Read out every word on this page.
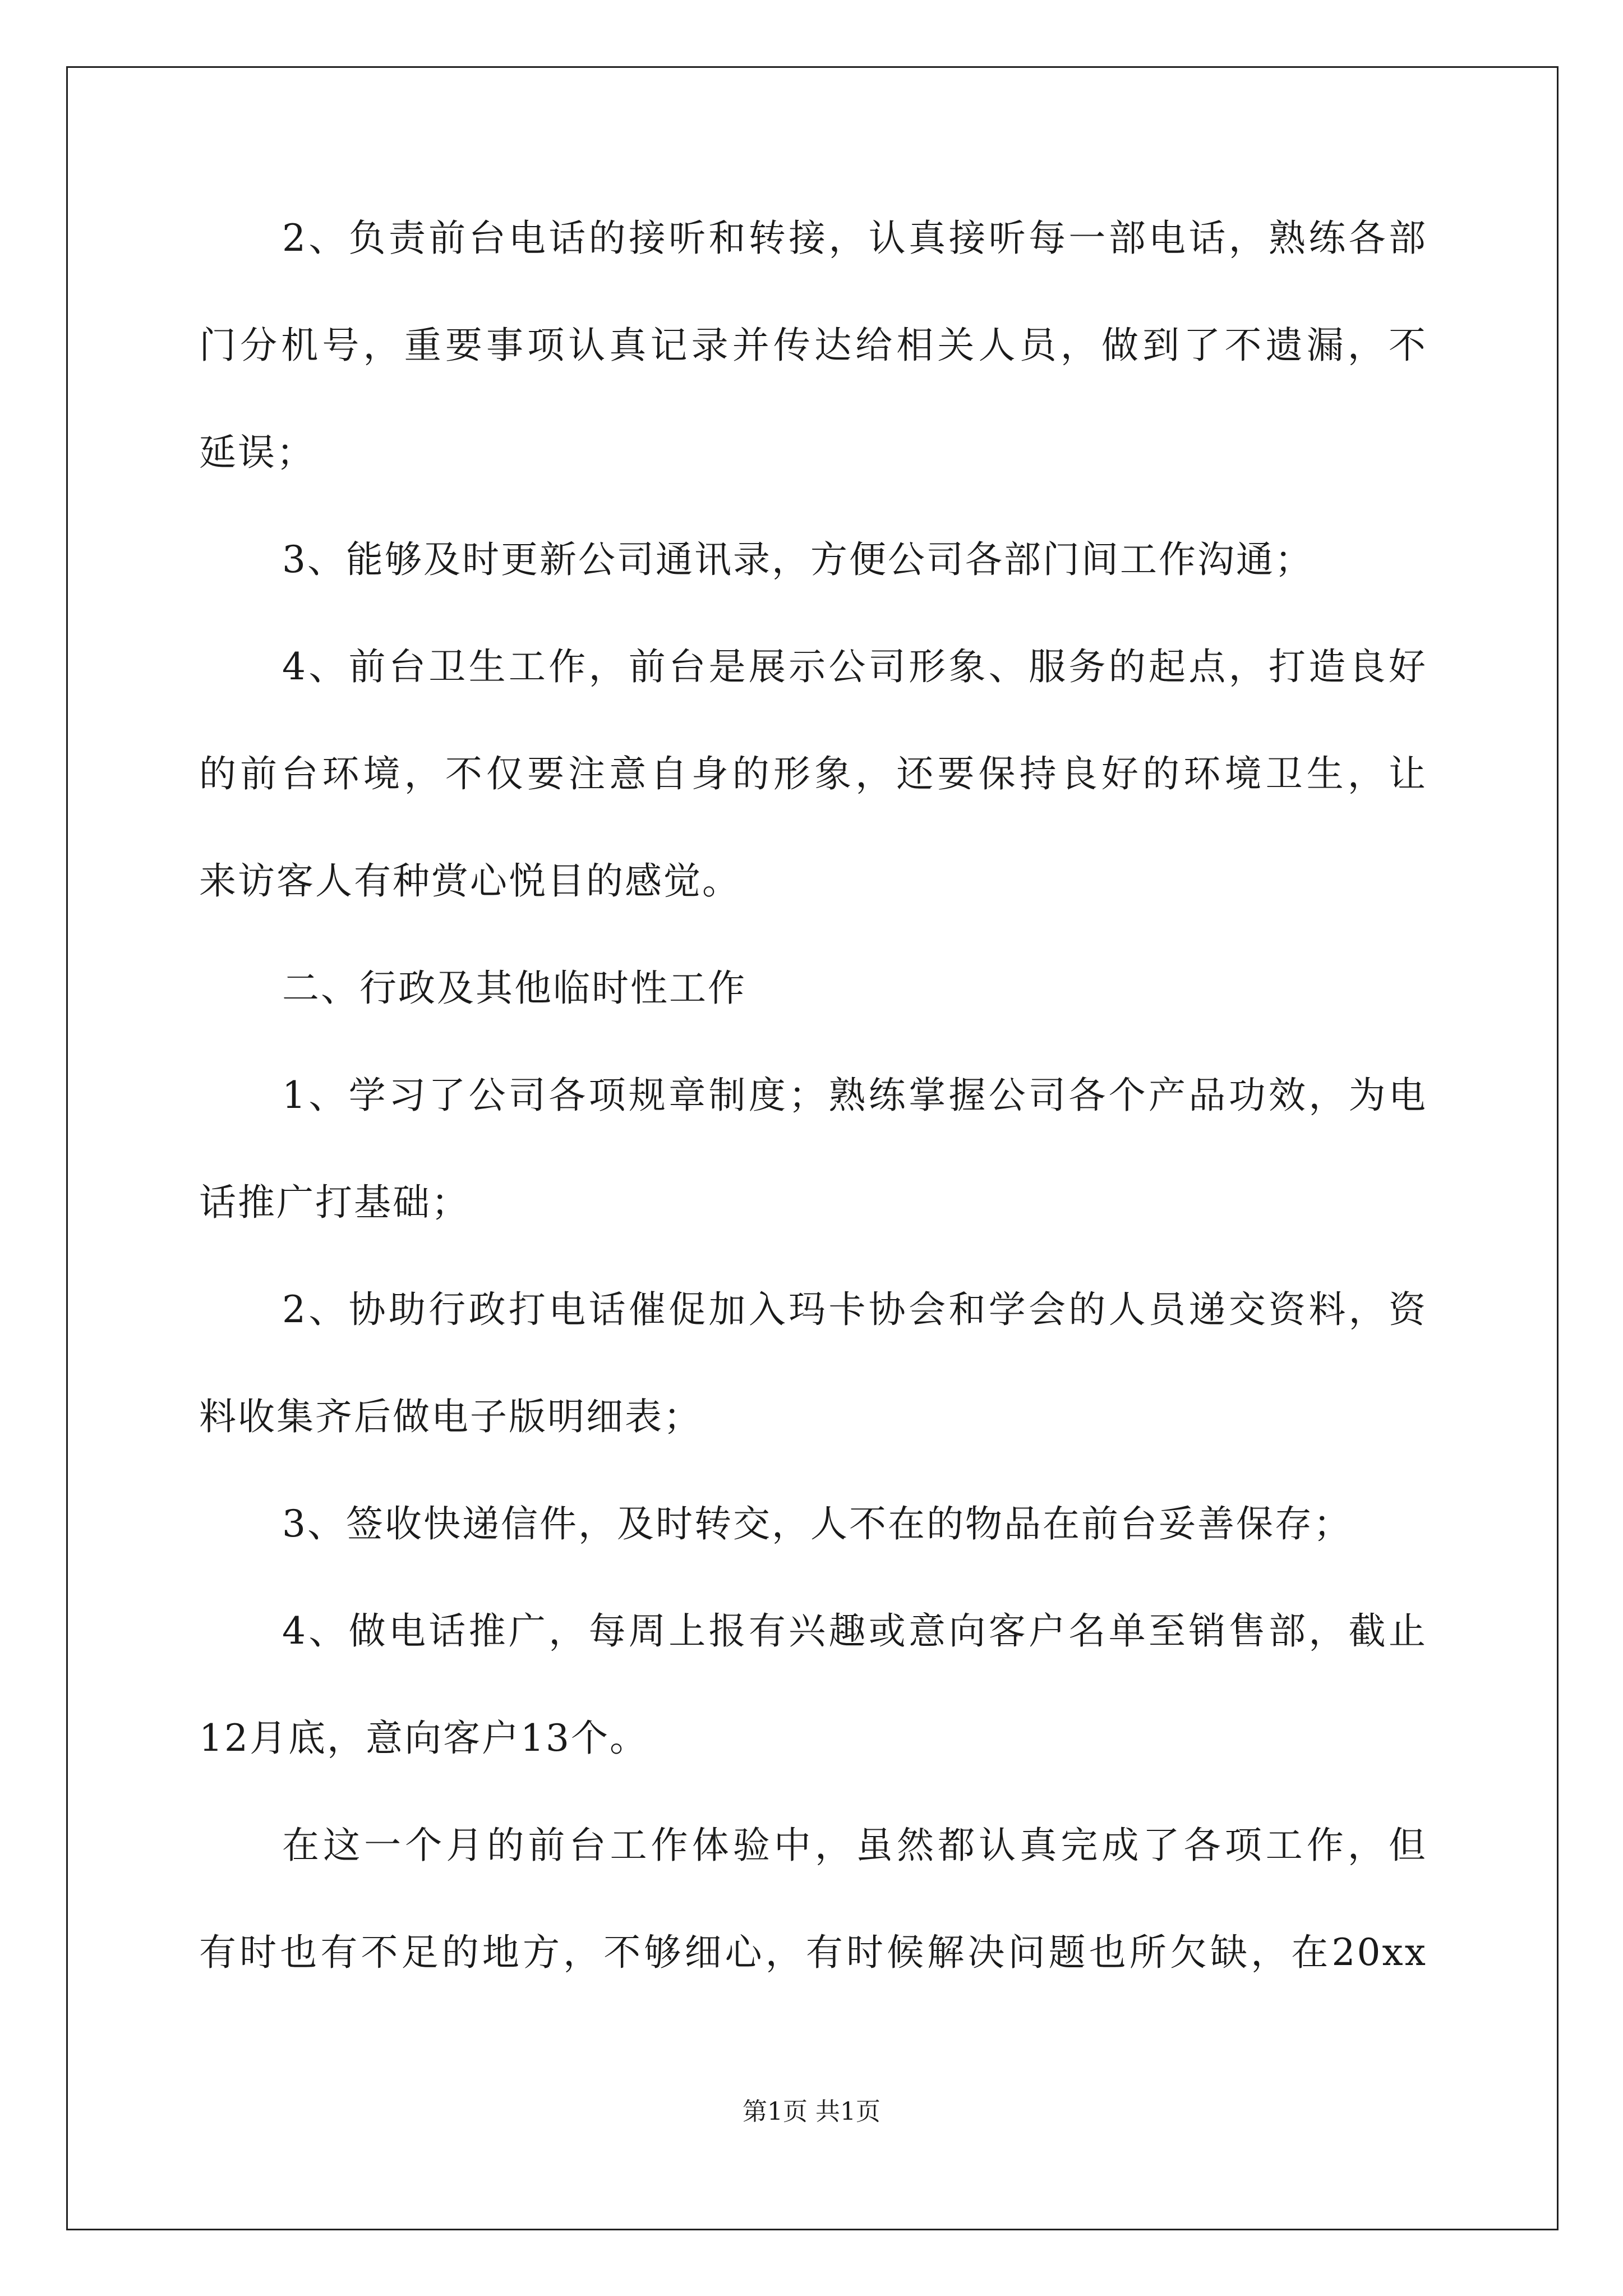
2、负责前台电话的接听和转接，认真接听每一部电话，熟练各部
门分机号，重要事项认真记录并传达给相关人员，做到了不遗漏，不
延误；
3、能够及时更新公司通讯录，方便公司各部门间工作沟通；
4、前台卫生工作，前台是展示公司形象、服务的起点，打造良好
的前台环境，不仅要注意自身的形象，还要保持良好的环境卫生，让
来访客人有种赏心悦目的感觉。
二、行政及其他临时性工作
1、学习了公司各项规章制度；熟练掌握公司各个产品功效，为电
话推广打基础；
2、协助行政打电话催促加入玛卡协会和学会的人员递交资料，资
料收集齐后做电子版明细表；
3、签收快递信件，及时转交，人不在的物品在前台妥善保存；
4、做电话推广，每周上报有兴趣或意向客户名单至销售部，截止
12月底，意向客户13个。
在这一个月的前台工作体验中，虽然都认真完成了各项工作，但
有时也有不足的地方，不够细心，有时候解决问题也所欠缺，在20xx
第1页 共1页
